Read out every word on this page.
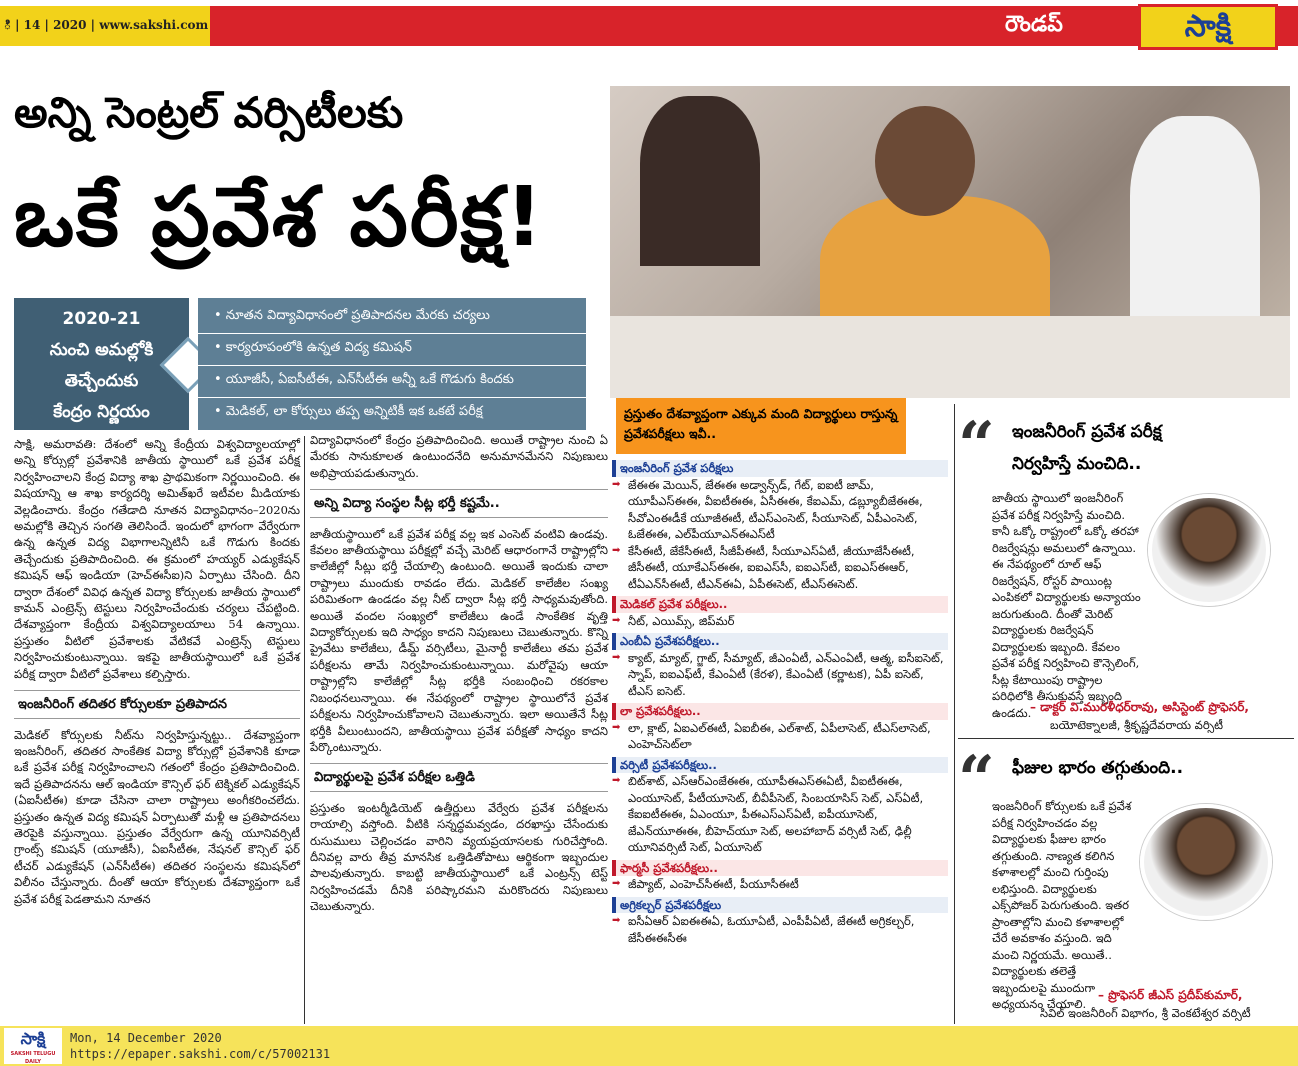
ి | 14 | 2020 | www.sakshi.com	రౌండప్	సాక్షి
అన్ని సెంట్రల్ వర్సిటీలకు
ఒకే ప్రవేశ పరీక్ష!
2020-21
నుంచి అమల్లోకి
తెచ్చేందుకు
కేంద్రం నిర్ణయం
• నూతన విద్యావిధానంలో ప్రతిపాదనల మేరకు చర్యలు
• కార్యరూపంలోకి ఉన్నత విద్య కమిషన్
• యూజీసీ, ఏఐసీటీఈ, ఎన్‌సీటీఈ అన్నీ ఒకే గొడుగు కిందకు
• మెడికల్, లా కోర్సులు తప్ప అన్నిటికీ ఇక ఒకటే పరీక్ష

సాక్షి, అమరావతి: దేశంలో అన్ని కేంద్రీయ విశ్వవిద్యాలయాల్లో అన్ని కోర్సుల్లో ప్రవేశానికి జాతీయ స్థాయిలో ఒకే ప్రవేశ పరీక్ష నిర్వహించాలని కేంద్ర విద్యా శాఖ ప్రాథమికంగా నిర్ణయించింది. ఈ విషయాన్ని ఆ శాఖ కార్యదర్శి అమిత్‌ఖరే ఇటీవల మీడియాకు వెల్లడించారు. కేంద్రం గతేడాది నూతన విద్యావిధానం–2020ను అమల్లోకి తెచ్చిన సంగతి తెలిసిందే. ఇందులో భాగంగా వేర్వేరుగా ఉన్న ఉన్నత విద్య విభాగాలన్నిటినీ ఒకే గొడుగు కిందకు తెచ్చేందుకు ప్రతిపాదించింది. ఈ క్రమంలో హయ్యర్ ఎడ్యుకేషన్ కమిషన్ ఆఫ్ ఇండియా (హెచ్‌ఈసీఐ)ని ఏర్పాటు చేసింది. దీని ద్వారా దేశంలో వివిధ ఉన్నత విద్యా కోర్సులకు జాతీయ స్థాయిలో కామన్ ఎంట్రెన్స్ టెస్టులు నిర్వహించేందుకు చర్యలు చేపట్టింది. దేశవ్యాప్తంగా కేంద్రీయ విశ్వవిద్యాలయాలు 54 ఉన్నాయి. ప్రస్తుతం వీటిలో ప్రవేశాలకు వేటికవే ఎంట్రెన్స్ టెస్టులు నిర్వహించుకుంటున్నాయి. ఇకపై జాతీయస్థాయిలో ఒకే ప్రవేశ పరీక్ష ద్వారా వీటిలో ప్రవేశాలు కల్పిస్తారు.

ఇంజనీరింగ్ తదితర కోర్సులకూ ప్రతిపాదన

మెడికల్ కోర్సులకు నీట్‌ను నిర్వహిస్తున్నట్టు.. దేశవ్యాప్తంగా ఇంజనీరింగ్, తదితర సాంకేతిక విద్యా కోర్సుల్లో ప్రవేశానికి కూడా ఒకే ప్రవేశ పరీక్ష నిర్వహించాలని గతంలో కేంద్రం ప్రతిపాదించింది. ఇదే ప్రతిపాదనను ఆల్ ఇండియా కౌన్సిల్ ఫర్ టెక్నికల్ ఎడ్యుకేషన్ (ఏఐసీటీఈ) కూడా చేసినా చాలా రాష్ట్రాలు అంగీకరించలేదు. ప్రస్తుతం ఉన్నత విద్య కమిషన్ ఏర్పాటుతో మళ్లీ ఆ ప్రతిపాదనలు తెరపైకి వస్తున్నాయి. ప్రస్తుతం వేర్వేరుగా ఉన్న యూనివర్సిటీ గ్రాంట్స్ కమిషన్ (యూజీసీ), ఏఐసీటీఈ, నేషనల్ కౌన్సిల్ ఫర్ టీచర్ ఎడ్యుకేషన్ (ఎన్‌సీటీఈ) తదితర సంస్థలను కమిషన్‌లో విలీనం చేస్తున్నారు. దీంతో ఆయా కోర్సులకు దేశవ్యాప్తంగా ఒకే ప్రవేశ పరీక్ష పెడతామని నూతన

విద్యావిధానంలో కేంద్రం ప్రతిపాదించింది. అయితే రాష్ట్రాల నుంచి ఏ మేరకు సానుకూలత ఉంటుందనేది అనుమానమేనని నిపుణులు అభిప్రాయపడుతున్నారు.

అన్ని విద్యా సంస్థల సీట్ల భర్తీ కష్టమే..

జాతీయస్థాయిలో ఒకే ప్రవేశ పరీక్ష వల్ల ఇక ఎంసెట్ వంటివి ఉండవు. కేవలం జాతీయస్థాయి పరీక్షల్లో వచ్చే మెరిట్ ఆధారంగానే రాష్ట్రాల్లోని కాలేజీల్లో సీట్లు భర్తీ చేయాల్సి ఉంటుంది. అయితే ఇందుకు చాలా రాష్ట్రాలు ముందుకు రావడం లేదు. మెడికల్ కాలేజీల సంఖ్య పరిమితంగా ఉండడం వల్ల నీట్ ద్వారా సీట్ల భర్తీ సాధ్యమవుతోంది. అయితే వందల సంఖ్యలో కాలేజీలు ఉండే సాంకేతిక వృత్తి విద్యాకోర్సులకు ఇది సాధ్యం కాదని నిపుణులు చెబుతున్నారు. కొన్ని ప్రైవేటు కాలేజీలు, డీమ్డ్ వర్సిటీలు, మైనార్టీ కాలేజీలు తమ ప్రవేశ పరీక్షలను తామే నిర్వహించుకుంటున్నాయి. మరోవైపు ఆయా రాష్ట్రాల్లోని కాలేజీల్లో సీట్ల భర్తీకి సంబంధించి రకరకాల నిబంధనలున్నాయి. ఈ నేపథ్యంలో రాష్ట్రాల స్థాయిలోనే ప్రవేశ పరీక్షలను నిర్వహించుకోవాలని చెబుతున్నారు. ఇలా అయితేనే సీట్ల భర్తీకి వీలుంటుందని, జాతీయస్థాయి ప్రవేశ పరీక్షతో సాధ్యం కాదని పేర్కొంటున్నారు.

విద్యార్థులపై ప్రవేశ పరీక్షల ఒత్తిడి

ప్రస్తుతం ఇంటర్మీడియెట్ ఉత్తీర్ణులు వేర్వేరు ప్రవేశ పరీక్షలను రాయాల్సి వస్తోంది. వీటికి సన్నద్ధమవ్వడం, దరఖాస్తు చేసేందుకు రుసుములు చెల్లించడం వారిని వ్యయప్రయాసలకు గురిచేస్తోంది. దీనివల్ల వారు తీవ్ర మానసిక ఒత్తిడితోపాటు ఆర్థికంగా ఇబ్బందుల పాలవుతున్నారు. కాబట్టి జాతీయస్థాయిలో ఒకే ఎంట్రన్స్ టెస్ట్ నిర్వహించడమే దీనికి పరిష్కారమని మరికొందరు నిపుణులు చెబుతున్నారు.

ప్రస్తుతం దేశవ్యాప్తంగా ఎక్కువ మంది విద్యార్థులు రాస్తున్న ప్రవేశపరీక్షలు ఇవీ..
ఇంజనీరింగ్ ప్రవేశ పరీక్షలు
➡ జేఈఈ మెయిన్, జేఈఈ అడ్వాన్స్‌డ్, గేట్, ఐఐటీ జామ్, యూపీఎస్ఈఈ, వీఐటీఈఈ, ఏసీఈఈ, కేఐఎమ్, డబ్ల్యూబీజేఈఈ, సీవోఎంఈడీకే యూజీఈటీ, టీఎస్‌ఎంసెట్, సీయూసెట్, ఏపీఎంసెట్, ఓజేఈఈ, ఎల్‌పీయూఎన్ఈఎస్‌టీ
➡ కేసీఈటీ, జేకేసీఈటీ, సీజీపీఈటీ, సీయూఎస్ఏటీ, జీయూజేసీఈటీ, జీసీఈటీ, యూకేఎస్ఈఈ, ఐఐఎస్‌సీ, ఐఐఎస్‌టీ, ఐఐఎస్ఈఆర్, టీఏఎన్‌సీఈటీ, టీఎన్ఈఏ, ఏపీఈసెట్, టీఎస్ఈసెట్.
మెడికల్ ప్రవేశ పరీక్షలు..
➡ నీట్, ఎయిమ్స్, జిప్‌మర్
ఎంబీఏ ప్రవేశపరీక్షలు..
➡ క్యాట్, మ్యాట్, గ్జాట్, సీమ్యాట్, జీఎంఏటీ, ఎన్ఎంఏటీ, ఆత్మ, ఐసీఐసెట్, స్నాప్, ఐఐఎఫ్‌టీ, కేఎంఏటీ (కేరళ), కేఎంఏటీ (కర్ణాటక), ఏపీ ఐసెట్, టీఎస్ ఐసెట్.
లా ప్రవేశపరీక్షలు..
➡ లా, క్లాట్, ఏఐఎల్ఈటీ, ఏఐబీఈ, ఎల్‌శాట్, ఏపీలాసెట్, టీఎస్‌లాసెట్, ఎంహెచ్‌సెట్‌లా
వర్సిటీ ప్రవేశపరీక్షలు..
➡ బిట్‌శాట్, ఎస్ఆర్ఎంజేఈఈ, యూపీఈఎస్‌ఈఏటీ, వీఐటీఈఈ, ఎంయూసెట్, పీటీయూసెట్, బీవీపీసెట్, సింబయాసిస్ సెట్, ఎస్ఏటీ, కేఐఐటీఈఈ, ఏఎంయూ, పీఈఎస్‌ఎస్ఏటీ, ఐపీయూసెట్, జేఎన్‌యూఈఈ, బీహెచ్‌యూ సెట్, అలహాబాద్ వర్సిటీ సెట్, ఢిల్లీ యూనివర్సిటీ సెట్, ఏయూసెట్
ఫార్మసీ ప్రవేశపరీక్షలు..
➡ జీప్యాట్, ఎంహెచ్‌సీఈటీ, పీయూసీఈటీ
అగ్రికల్చర్ ప్రవేశపరీక్షలు
➡ ఐసీఏఆర్ ఏఐఈఈఏ, ఓయూఏటీ, ఎంపీపీఏటీ, జేఈటీ అగ్రికల్చర్, జేసీఈఈసీఈ
“ ఇంజనీరింగ్ ప్రవేశ పరీక్ష
నిర్వహిస్తే మంచిది..
జాతీయ స్థాయిలో ఇంజనీరింగ్ ప్రవేశ పరీక్ష నిర్వహిస్తే మంచిది. కానీ ఒక్కో రాష్ట్రంలో ఒక్కో తరహా రిజర్వేషన్లు అమలులో ఉన్నాయి. ఈ నేపథ్యంలో రూల్ ఆఫ్ రిజర్వేషన్, రోస్టర్ పాయింట్ల ఎంపికలో విద్యార్థులకు అన్యాయం జరుగుతుంది. దీంతో మెరిట్ విద్యార్థులకు రిజర్వేషన్ విద్యార్థులకు ఇబ్బంది. కేవలం ప్రవేశ పరీక్ష నిర్వహించి కౌన్సెలింగ్, సీట్ల కేటాయింపు రాష్ట్రాల పరిధిలోకి తీసుకువస్తే ఇబ్బంది ఉండదు.
– డాక్టర్ వి.మురళీధర్‌రావు, అసిస్టెంట్ ప్రొఫెసర్,
బయోటెక్నాలజీ, శ్రీకృష్ణదేవరాయ వర్సిటీ
“ ఫీజుల భారం తగ్గుతుంది..
ఇంజనీరింగ్ కోర్సులకు ఒకే ప్రవేశ పరీక్ష నిర్వహించడం వల్ల విద్యార్థులకు ఫీజుల భారం తగ్గుతుంది. నాణ్యత కలిగిన కళాశాలల్లో మంచి గుర్తింపు లభిస్తుంది. విద్యార్థులకు ఎక్స్‌పోజర్ పెరుగుతుంది. ఇతర ప్రాంతాల్లోని మంచి కళాశాలల్లో చేరే అవకాశం వస్తుంది. ఇది మంచి నిర్ణయమే. అయితే.. విద్యార్థులకు తలెత్తే ఇబ్బందులపై ముందుగా అధ్యయనం చేయాలి.
– ప్రొఫెసర్ జీఎస్ ప్రదీప్‌కుమార్,
సివిల్ ఇంజనీరింగ్ విభాగం, శ్రీ వెంకటేశ్వర వర్సిటీ
సాక్షి
SAKSHI TELUGU DAILY
Mon, 14 December 2020
https://epaper.sakshi.com/c/57002131
